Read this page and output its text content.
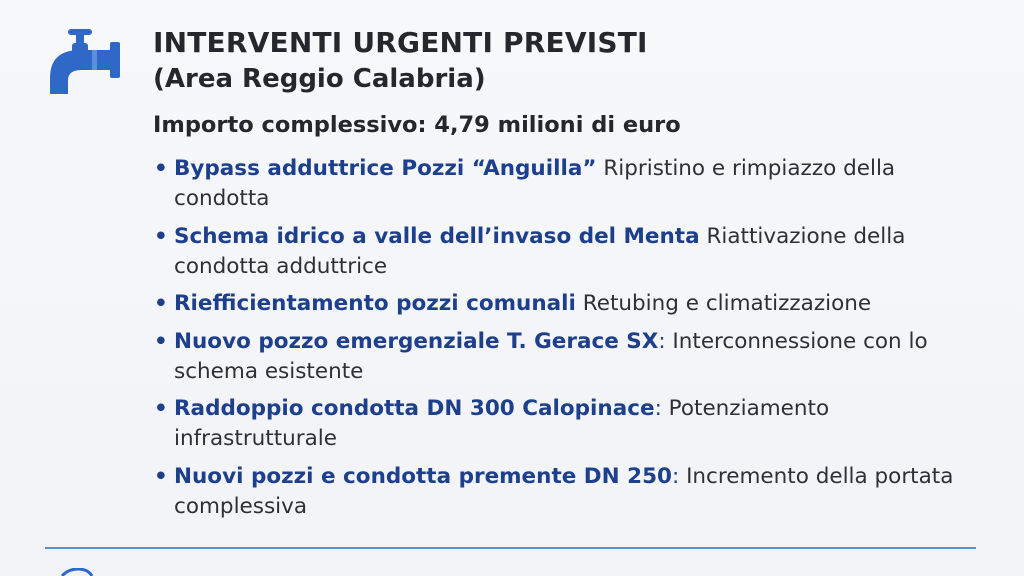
INTERVENTI URGENTI PREVISTI
(Area Reggio Calabria)
Importo complessivo: 4,79 milioni di euro
• Bypass adduttrice Pozzi “Anguilla” Ripristino e rimpiazzo della condotta
• Schema idrico a valle dell’invaso del Menta Riattivazione della condotta adduttrice
• Riefficientamento pozzi comunali Retubing e climatizzazione
• Nuovo pozzo emergenziale T. Gerace SX: Interconnessione con lo schema esistente
• Raddoppio condotta DN 300 Calopinace: Potenziamento infrastrutturale
• Nuovi pozzi e condotta premente DN 250: Incremento della portata complessiva
